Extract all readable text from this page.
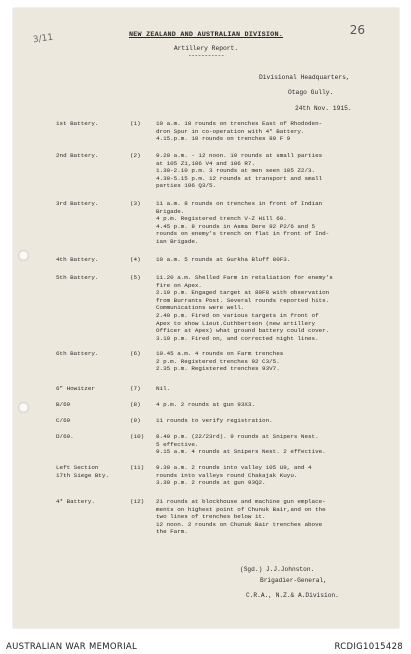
3/11
26
NEW ZEALAND AND AUSTRALIAN DIVISION.
Artillery Report.
-----------
Divisional Headquarters,
Otago Gully.
24th Nov. 1915.
1st Battery.	(1)	10 a.m. 10 rounds on trenches East of Rhododen-
dron Spur in co-operation with 4* Battery.
4.15.p.m. 10 rounds on trenches 80 F 9
2nd Battery.	(2)	9.20 a.m. - 12 noon. 10 rounds at small parties
at 105 Z1,106 V4 and 106 R7.
1.30-2.10 p.m. 3 rounds at men seen 105 Z2/3.
4.30-5.15 p.m. 12 rounds at transport and small
parties 106 Q3/5.
3rd Battery.	(3)	11 a.m. 8 rounds on trenches in front of Indian
Brigade.
4 p.m. Registered trench V-Z Hill 60.
4.45 p.m. 8 rounds in Asma Dere 92 P2/6 and 5
rounds on enemy's trench on flat in front of Ind-
ian Brigade.
4th Battery.	(4)	10 a.m. 5 rounds at Gurkha Bluff 80F3.
5th Battery.	(5)	11.20 a.m. Shelled Farm in retaliation for enemy's
fire on Apex.
2.10 p.m. Engaged target at 80F8 with observation
from Burrants Post. Several rounds reported hits.
Communications were well.
2.40 p.m. Fired on various targets in front of
Apex to show Lieut.Cuthbertson (new artillery
Officer at Apex) what ground battery could cover.
3.10 p.m. Fired on, and corrected night lines.
6th Battery.	(6)	10.45 a.m. 4 rounds on Farm trenches
2 p.m. Registered trenches 92 C3/5.
2.35 p.m. Registered trenches 93V7.
6" Howitzer	(7)	Nil.
B/69	(8)	4 p.m. 2 rounds at gun 93X3.
C/69	(9)	11 rounds to verify registration.
D/69.	(10) 8.40 p.m. (22/23rd). 9 rounds at Snipers Nest.
5 effective.
9.15 a.m. 4 rounds at Snipers Nest. 2 effective.
Left Section
17th Siege Bty.
(11) 9.30 a.m. 2 rounds into valley 105 U9, and 4
rounds into valleys round Chakajak Kuyu.
3.30 p.m. 2 rounds at gun 93Q2.
4* Battery.	(12) 21 rounds at blockhouse and machine gun emplace-
ments on highest point of Chunuk Bair,and on the
two lines of trenches below it.
12 noon. 2 rounds on Chunuk Bair trenches above
the Farm.
(Sgd.) J.J.Johnston.
Brigadier-General,
C.R.A., N.Z.& A.Division.
AUSTRALIAN WAR MEMORIAL	RCDIG1015428
